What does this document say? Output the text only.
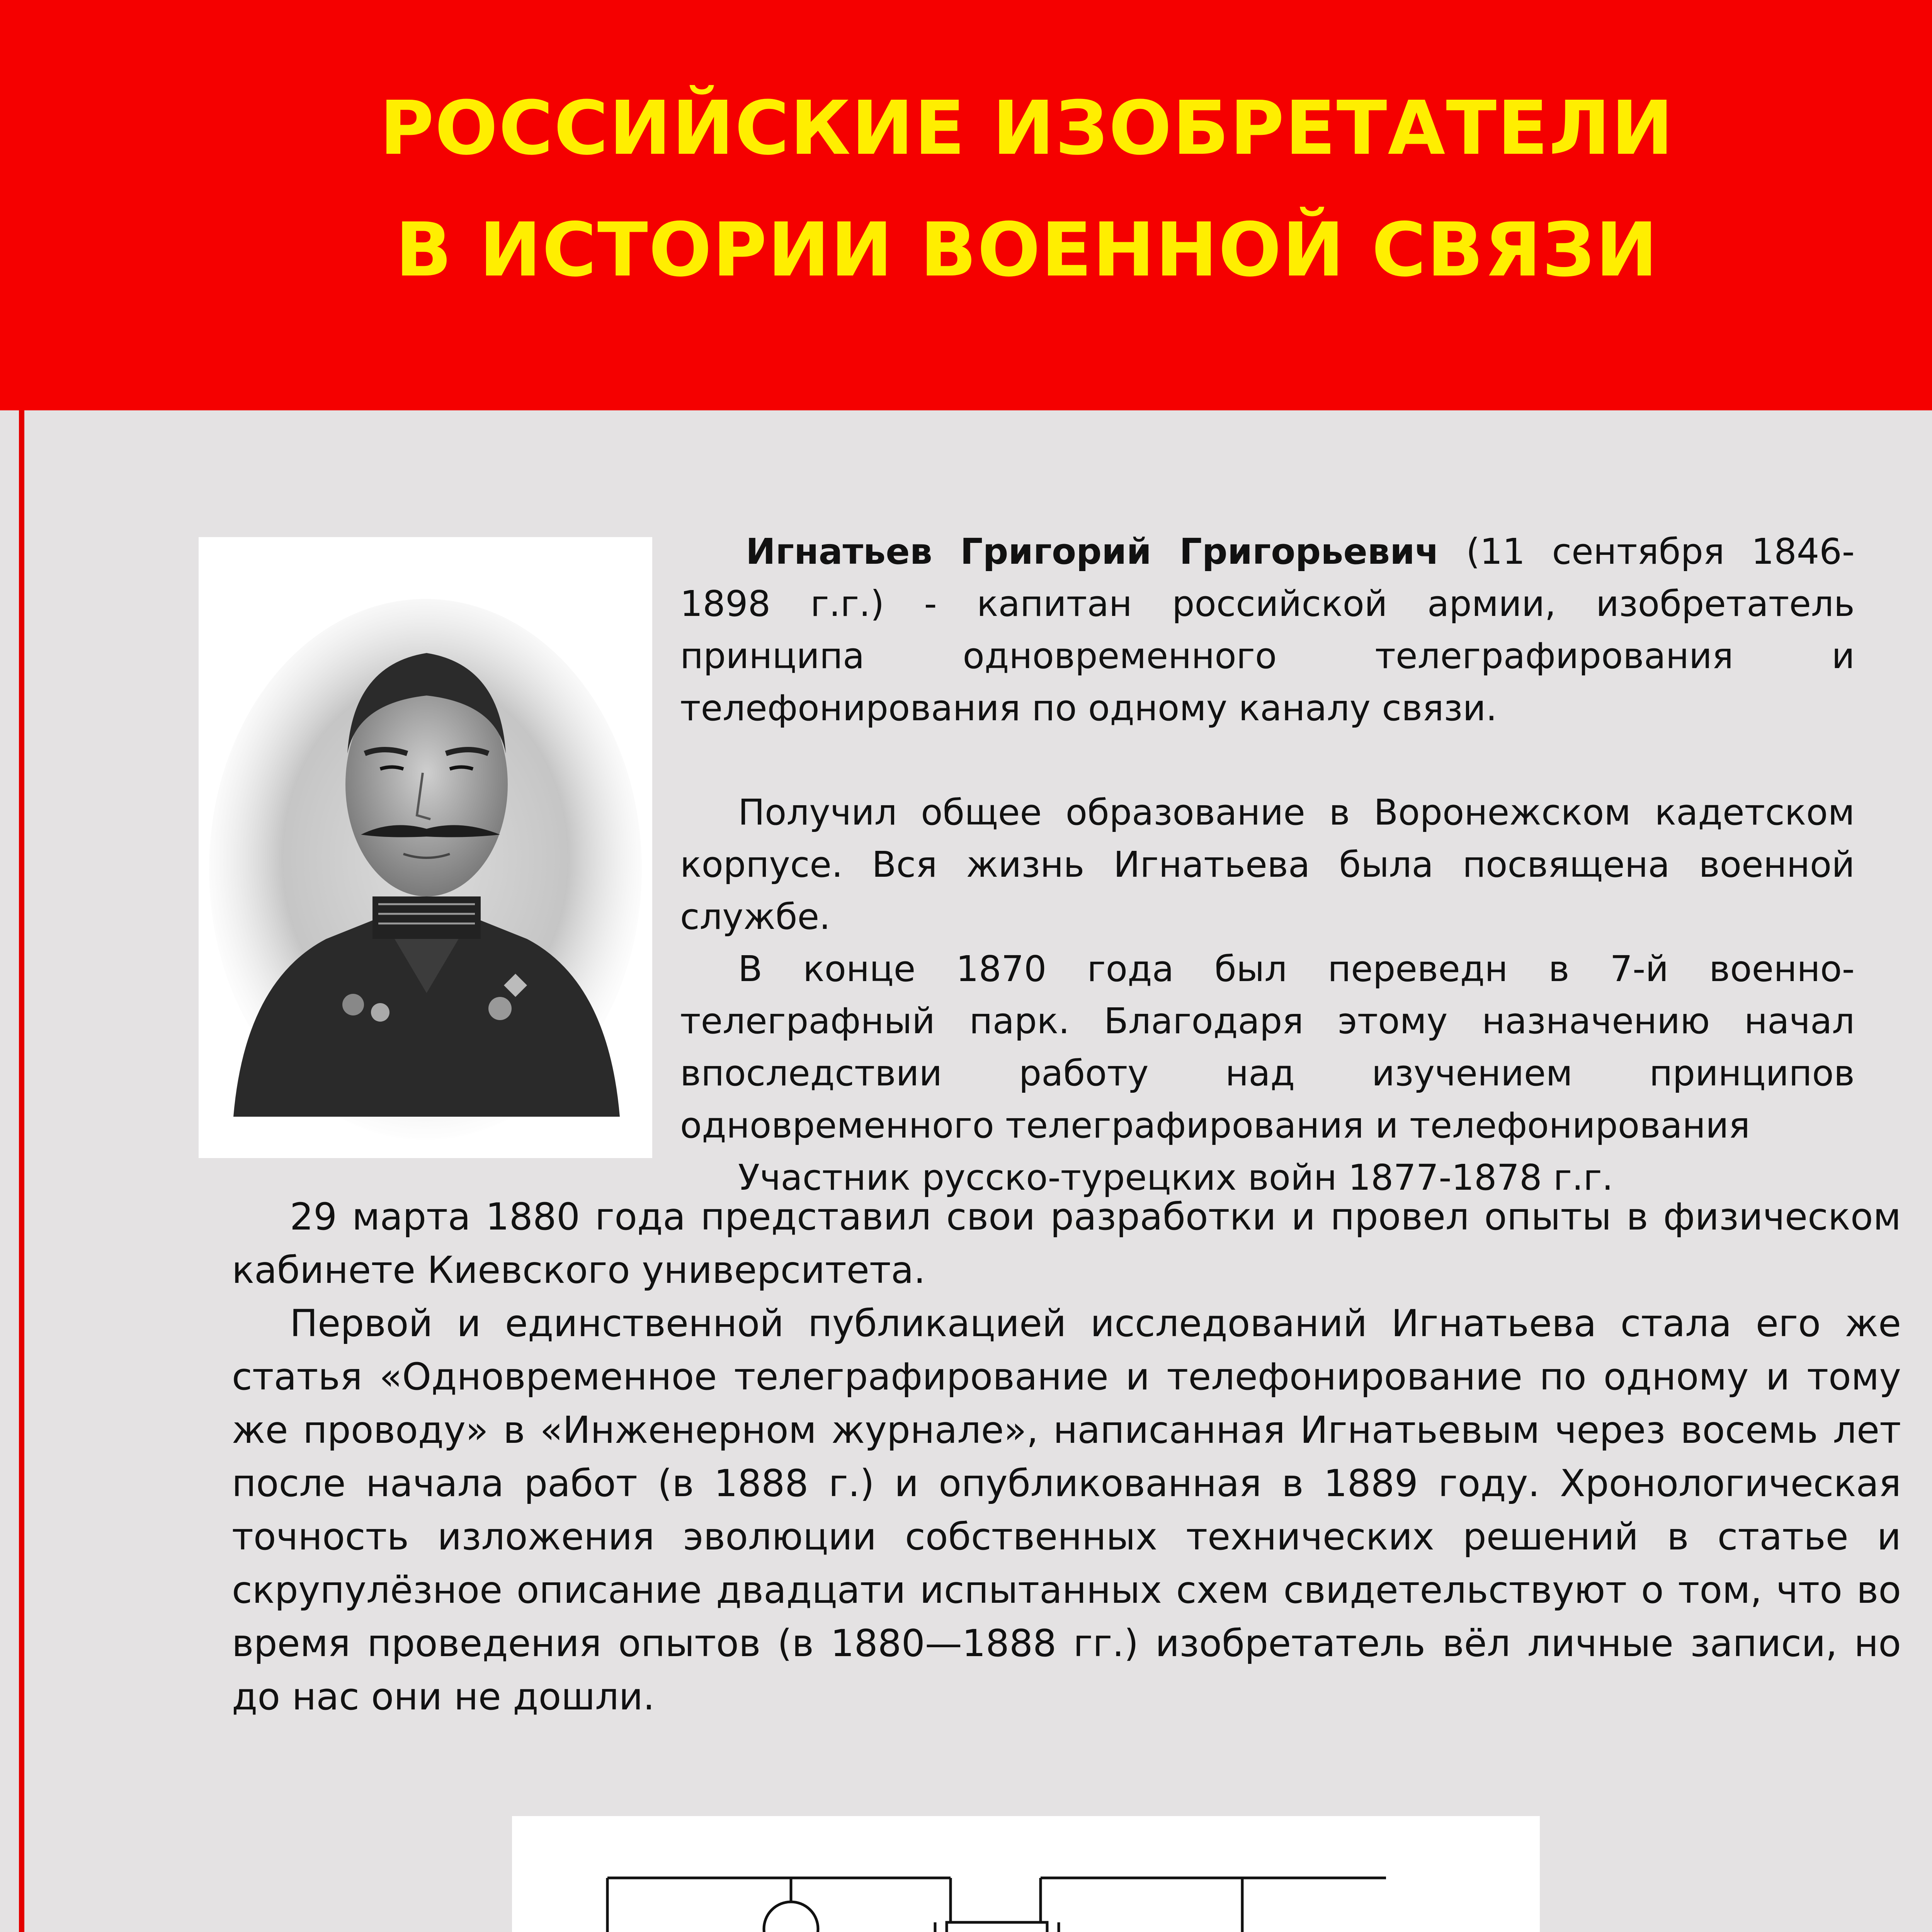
РОССИЙСКИЕ ИЗОБРЕТАТЕЛИ
В ИСТОРИИ ВОЕННОЙ СВЯЗИ

Игнатьев Григорий Григорьевич (11 сентября 1846-1898 г.г.) - капитан российской армии, изобретатель принципа одновременного телеграфирования и телефонирования по одному каналу связи.

Получил общее образование в Воронежском кадетском корпусе. Вся жизнь Игнатьева была посвящена военной службе.

В конце 1870 года был переведн в 7-й военно-телеграфный парк. Благодаря этому назначению начал впоследствии работу над изучением принципов одновременного телеграфирования и телефонирования

Участник русско-турецких войн 1877-1878 г.г.

29 марта 1880 года представил свои разработки и провел опыты в физическом кабинете Киевского университета.

Первой и единственной публикацией исследований Игнатьева стала его же статья «Одновременное телеграфирование и телефонирование по одному и тому же проводу» в «Инженерном журнале», написанная Игнатьевым через восемь лет после начала работ (в 1888 г.) и опубликованная в 1889 году. Хронологическая точность изложения эволюции собственных технических решений в статье и скрупулёзное описание двадцати испытанных схем свидетельствуют о том, что во время проведения опытов (в 1880—1888 гг.) изобретатель вёл личные записи, но до нас они не дошли.
